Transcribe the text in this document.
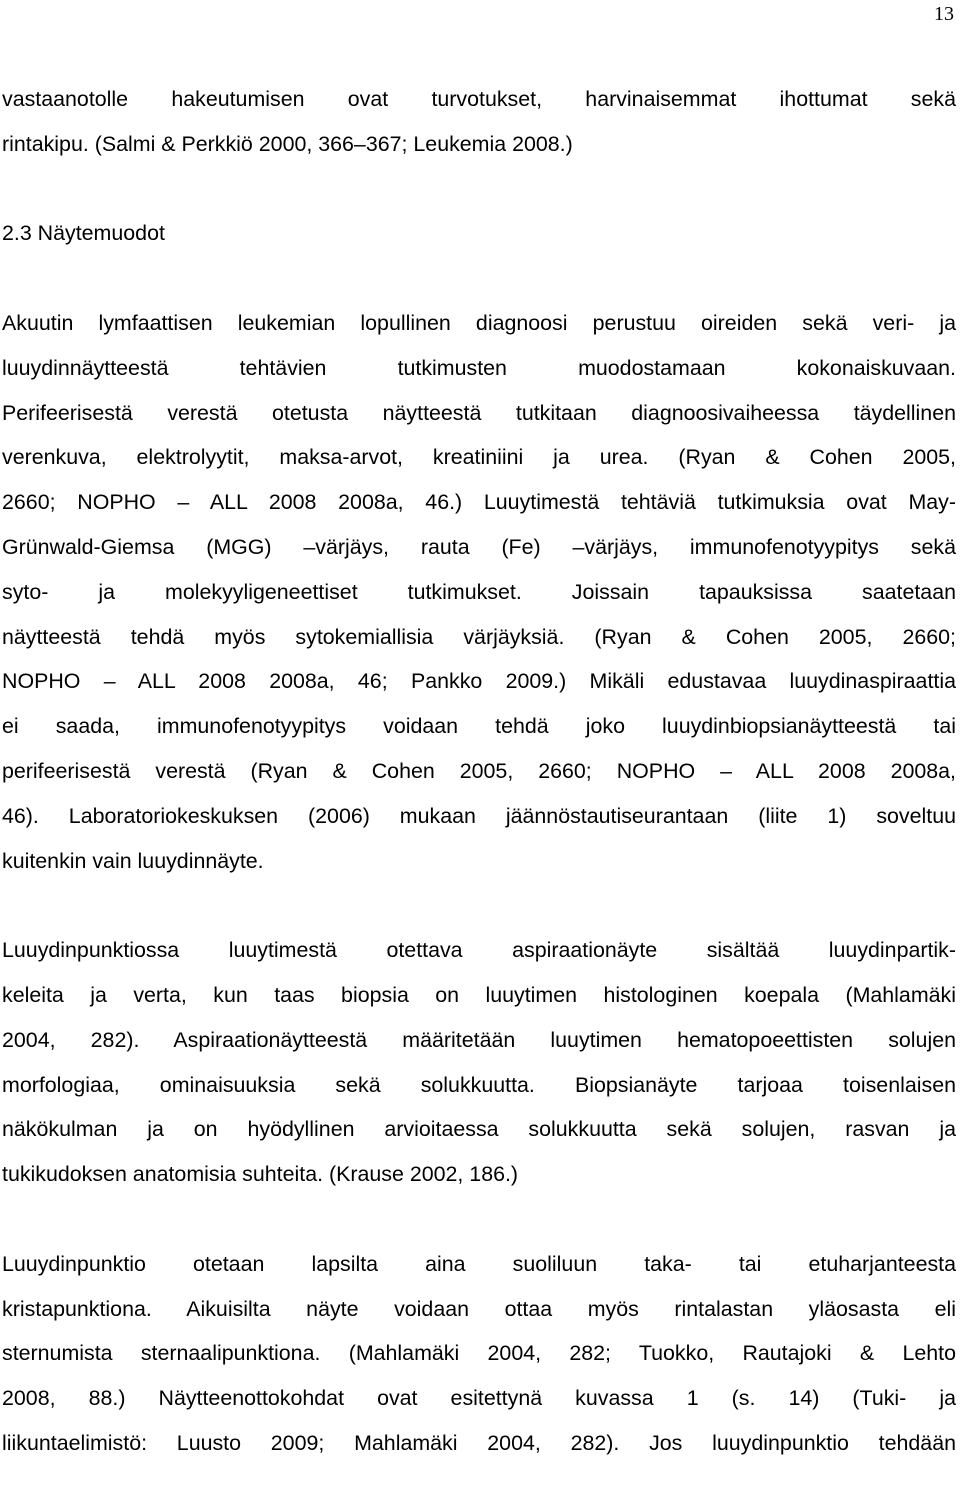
13
vastaanotolle hakeutumisen ovat turvotukset, harvinaisemmat ihottumat sekä
rintakipu. (Salmi & Perkkiö 2000, 366–367; Leukemia 2008.)
2.3 Näytemuodot
Akuutin lymfaattisen leukemian lopullinen diagnoosi perustuu oireiden sekä veri- ja
luuydinnäytteestä tehtävien tutkimusten muodostamaan kokonaiskuvaan.
Perifeerisestä verestä otetusta näytteestä tutkitaan diagnoosivaiheessa täydellinen
verenkuva, elektrolyytit, maksa-arvot, kreatiniini ja urea. (Ryan & Cohen 2005,
2660; NOPHO – ALL 2008 2008a, 46.) Luuytimestä tehtäviä tutkimuksia ovat May-
Grünwald-Giemsa (MGG) –värjäys, rauta (Fe) –värjäys, immunofenotyypitys sekä
syto- ja molekyyligeneettiset tutkimukset. Joissain tapauksissa saatetaan
näytteestä tehdä myös sytokemiallisia värjäyksiä. (Ryan & Cohen 2005, 2660;
NOPHO – ALL 2008 2008a, 46; Pankko 2009.) Mikäli edustavaa luuydinaspiraattia
ei saada, immunofenotyypitys voidaan tehdä joko luuydinbiopsianäytteestä tai
perifeerisestä verestä (Ryan & Cohen 2005, 2660; NOPHO – ALL 2008 2008a,
46). Laboratoriokeskuksen (2006) mukaan jäännöstautiseurantaan (liite 1) soveltuu
kuitenkin vain luuydinnäyte.
Luuydinpunktiossa luuytimestä otettava aspiraationäyte sisältää luuydinpartik-
keleita ja verta, kun taas biopsia on luuytimen histologinen koepala (Mahlamäki
2004, 282). Aspiraationäytteestä määritetään luuytimen hematopoeettisten solujen
morfologiaa, ominaisuuksia sekä solukkuutta. Biopsianäyte tarjoaa toisenlaisen
näkökulman ja on hyödyllinen arvioitaessa solukkuutta sekä solujen, rasvan ja
tukikudoksen anatomisia suhteita. (Krause 2002, 186.)
Luuydinpunktio otetaan lapsilta aina suoliluun taka- tai etuharjanteesta
kristapunktiona. Aikuisilta näyte voidaan ottaa myös rintalastan yläosasta eli
sternumista sternaalipunktiona. (Mahlamäki 2004, 282; Tuokko, Rautajoki & Lehto
2008, 88.) Näytteenottokohdat ovat esitettynä kuvassa 1 (s. 14) (Tuki- ja
liikuntaelimistö: Luusto 2009; Mahlamäki 2004, 282). Jos luuydinpunktio tehdään
